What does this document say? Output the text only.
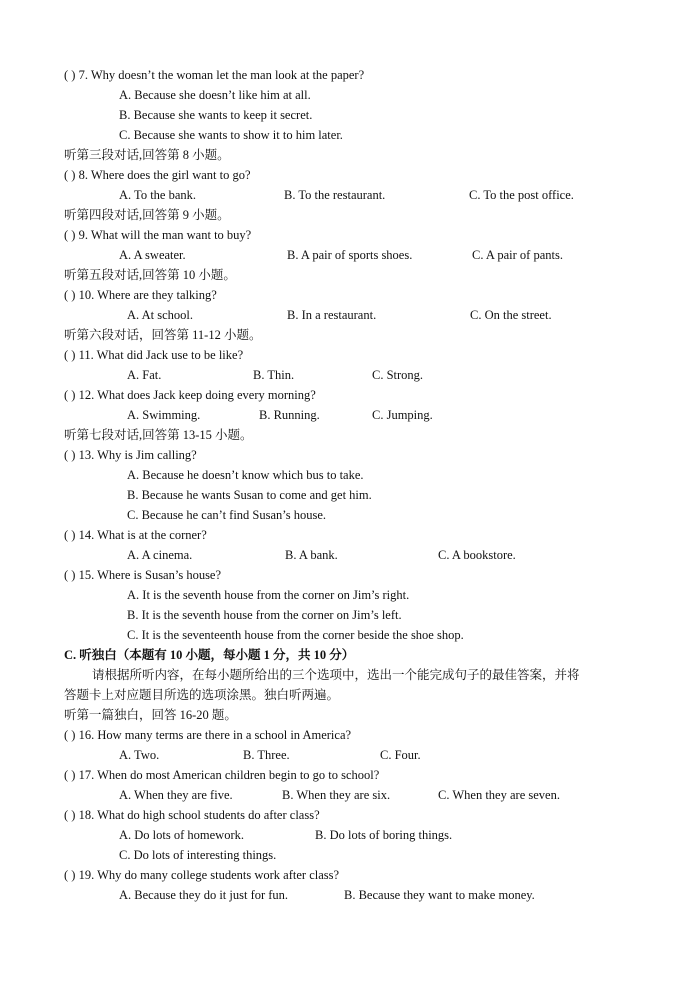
( ) 7. Why doesn’t the woman let the man look at the paper?
A. Because she doesn’t like him at all.
B. Because she wants to keep it secret.
C. Because she wants to show it to him later.
听第三段对话,回答第 8 小题。
( ) 8. Where does the girl want to go?
A. To the bank.	B. To the restaurant.	C. To the post office.
听第四段对话,回答第 9 小题。
( ) 9. What will the man want to buy?
A. A sweater.	B. A pair of sports shoes.	C. A pair of pants.
听第五段对话,回答第 10 小题。
( ) 10. Where are they talking?
A. At school.	B. In a restaurant.	C. On the street.
听第六段对话，回答第 11-12 小题。
( ) 11. What did Jack use to be like?
A. Fat.	B. Thin.	C. Strong.
( ) 12. What does Jack keep doing every morning?
A. Swimming.	B. Running.	C. Jumping.
听第七段对话,回答第 13-15 小题。
( ) 13. Why is Jim calling?
A. Because he doesn’t know which bus to take.
B. Because he wants Susan to come and get him.
C. Because he can’t find Susan’s house.
( ) 14. What is at the corner?
A. A cinema.	B. A bank.	C. A bookstore.
( ) 15. Where is Susan’s house?
A. It is the seventh house from the corner on Jim’s right.
B. It is the seventh house from the corner on Jim’s left.
C. It is the seventeenth house from the corner beside the shoe shop.
C. 听独白（本题有 10 小题，每小题 1 分，共 10 分）
请根据所听内容，在每小题所给出的三个选项中，选出一个能完成句子的最佳答案，并将
答题卡上对应题目所选的选项涂黑。独白听两遍。
听第一篇独白，回答 16-20 题。
( ) 16. How many terms are there in a school in America?
A. Two.	B. Three.	C. Four.
( ) 17. When do most American children begin to go to school?
A. When they are five.	B. When they are six.	C. When they are seven.
( ) 18. What do high school students do after class?
A. Do lots of homework.	B. Do lots of boring things.
C. Do lots of interesting things.
( ) 19. Why do many college students work after class?
A. Because they do it just for fun.	B. Because they want to make money.
